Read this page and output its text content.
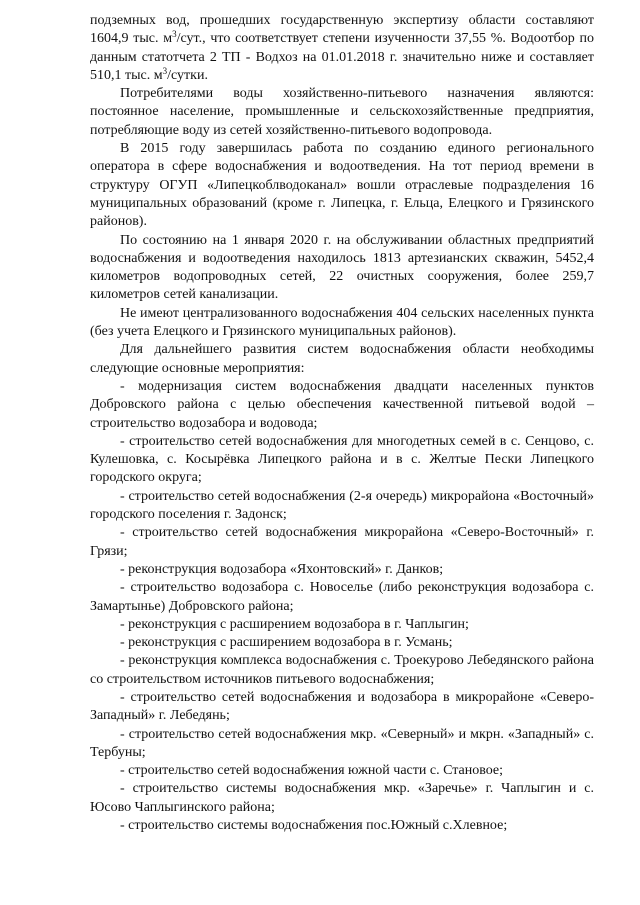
подземных вод, прошедших государственную экспертизу области составляют 1604,9 тыс. $м^3$/сут., что соответствует степени изученности 37,55 %. Водоотбор по данным статотчета 2 ТП - Водхоз на 01.01.2018 г. значительно ниже и составляет 510,1 тыс. $м^3$/сутки.

Потребителями воды хозяйственно-питьевого назначения являются: постоянное население, промышленные и сельскохозяйственные предприятия, потребляющие воду из сетей хозяйственно-питьевого водопровода.

В 2015 году завершилась работа по созданию единого регионального оператора в сфере водоснабжения и водоотведения. На тот период времени в структуру ОГУП «Липецкоблводоканал» вошли отраслевые подразделения 16 муниципальных образований (кроме г. Липецка, г. Ельца, Елецкого и Грязинского районов).

По состоянию на 1 января 2020 г. на обслуживании областных предприятий водоснабжения и водоотведения находилось 1813 артезианских скважин, 5452,4 километров водопроводных сетей, 22 очистных сооружения, более 259,7 километров сетей канализации.

Не имеют централизованного водоснабжения 404 сельских населенных пункта (без учета Елецкого и Грязинского муниципальных районов).

Для дальнейшего развития систем водоснабжения области необходимы следующие основные мероприятия:

- модернизация систем водоснабжения двадцати населенных пунктов Добровского района с целью обеспечения качественной питьевой водой – строительство водозабора и водовода;

- строительство сетей водоснабжения для многодетных семей в с. Сенцово, с. Кулешовка, с. Косырёвка Липецкого района и в с. Желтые Пески Липецкого городского округа;

- строительство сетей водоснабжения (2-я очередь) микрорайона «Восточный» городского поселения г. Задонск;

- строительство сетей водоснабжения микрорайона «Северо-Восточный» г. Грязи;

- реконструкция водозабора «Яхонтовский» г. Данков;

- строительство водозабора с. Новоселье (либо реконструкция водозабора с. Замартынье) Добровского района;

- реконструкция с расширением водозабора в г. Чаплыгин;

- реконструкция с расширением водозабора в г. Усмань;

- реконструкция комплекса водоснабжения с. Троекурово Лебедянского района со строительством источников питьевого водоснабжения;

- строительство сетей водоснабжения и водозабора в микрорайоне «Северо-Западный» г. Лебедянь;

- строительство сетей водоснабжения мкр. «Северный» и мкрн. «Западный» с. Тербуны;

- строительство сетей водоснабжения южной части с. Становое;

- строительство системы водоснабжения мкр. «Заречье» г. Чаплыгин и с. Юсово Чаплыгинского района;

- строительство системы водоснабжения пос.Южный с.Хлевное;
